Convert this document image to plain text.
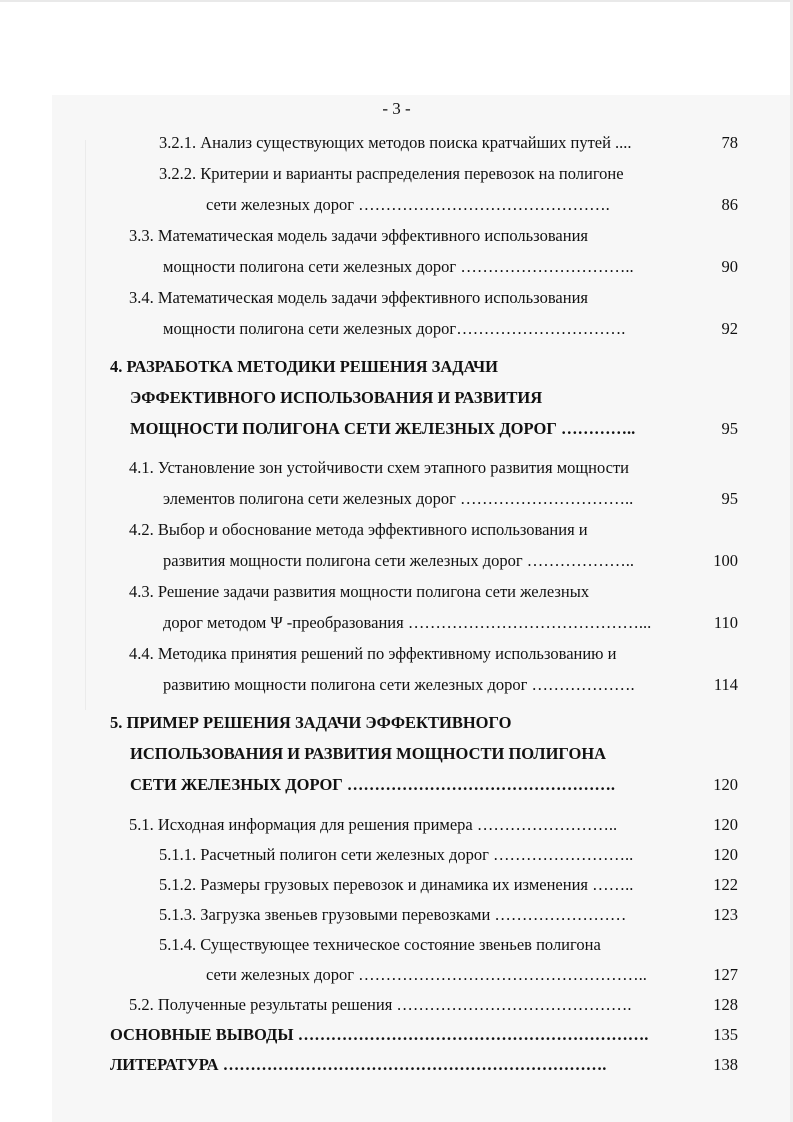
- 3 -
3.2.1. Анализ существующих методов поиска кратчайших путей ....	78
3.2.2. Критерии и варианты распределения перевозок на полигоне
сети железных дорог ……………………………………….	86
3.3. Математическая модель задачи эффективного использования
мощности полигона сети железных дорог …………………………..	90
3.4. Математическая модель задачи эффективного использования
мощности полигона сети железных дорог………………………….	92
4. РАЗРАБОТКА МЕТОДИКИ РЕШЕНИЯ ЗАДАЧИ
ЭФФЕКТИВНОГО ИСПОЛЬЗОВАНИЯ И РАЗВИТИЯ
МОЩНОСТИ ПОЛИГОНА СЕТИ ЖЕЛЕЗНЫХ ДОРОГ …………..	95
4.1. Установление зон устойчивости схем этапного развития мощности
элементов полигона сети железных дорог …………………………..	95
4.2. Выбор и обоснование метода эффективного использования и
развития мощности полигона сети железных дорог ………………..	100
4.3. Решение задачи развития мощности полигона сети железных
дорог методом Ψ -преобразования ……………………………………...	110
4.4. Методика принятия решений по эффективному использованию и
развитию мощности полигона сети железных дорог ……………….	114
5. ПРИМЕР РЕШЕНИЯ ЗАДАЧИ ЭФФЕКТИВНОГО
ИСПОЛЬЗОВАНИЯ И РАЗВИТИЯ МОЩНОСТИ ПОЛИГОНА
СЕТИ ЖЕЛЕЗНЫХ ДОРОГ ………………………………………….	120
5.1. Исходная информация для решения примера ……………………..	120
5.1.1. Расчетный полигон сети железных дорог ……………………..	120
5.1.2. Размеры грузовых перевозок и динамика их изменения ……..	122
5.1.3. Загрузка звеньев грузовыми перевозками ……………………	123
5.1.4. Существующее техническое состояние звеньев полигона
сети железных дорог ……………………………………………..	127
5.2. Полученные результаты решения …………………………………….	128
ОСНОВНЫЕ ВЫВОДЫ ……………………………………………………….	135
ЛИТЕРАТУРА …………………………………………………………….	138
